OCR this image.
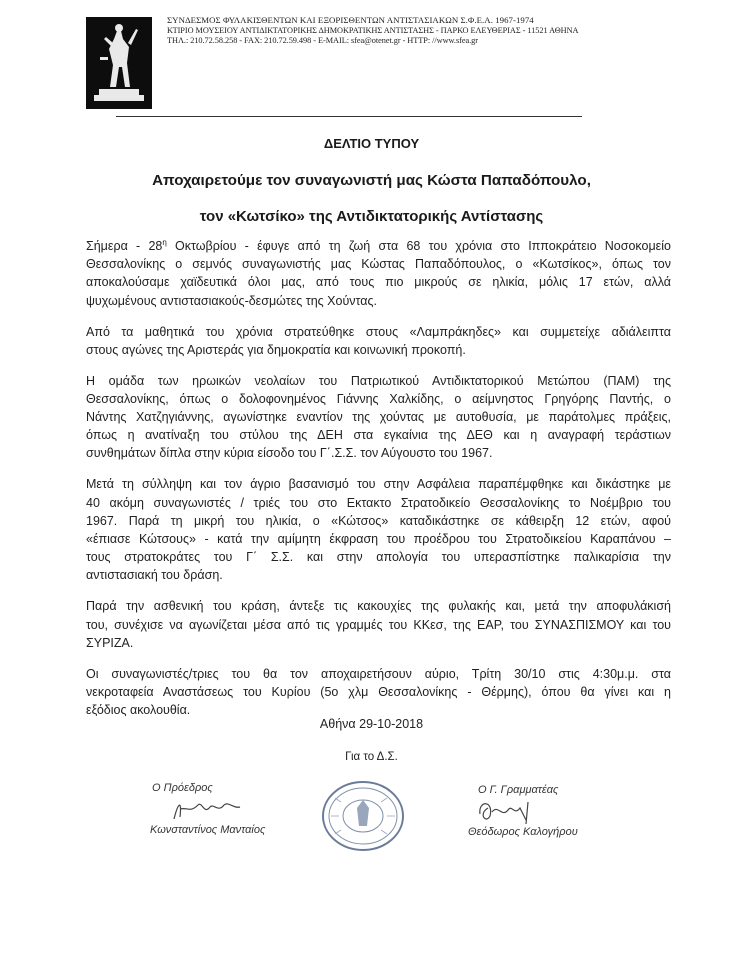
ΣΥΝΔΕΣΜΟΣ ΦΥΛΑΚΙΣΘΕΝΤΩΝ ΚΑΙ ΕΞΟΡΙΣΘΕΝΤΩΝ ΑΝΤΙΣΤΑΣΙΑΚΩΝ Σ.Φ.Ε.Α. 1967-1974
ΚΤΙΡΙΟ ΜΟΥΣΕΙΟΥ ΑΝΤΙΔΙΚΤΑΤΟΡΙΚΗΣ ΔΗΜΟΚΡΑΤΙΚΗΣ ΑΝΤΙΣΤΑΣΗΣ - ΠΑΡΚΟ ΕΛΕΥΘΕΡΙΑΣ - 11521 ΑΘΗΝΑ
ΤΗΛ.: 210.72.58.258 - FAX: 210.72.59.498 - E-MAIL: sfea@otenet.gr - HTTP: //www.sfea.gr
ΔΕΛΤΙΟ ΤΥΠΟΥ
Αποχαιρετούμε τον συναγωνιστή μας Κώστα Παπαδόπουλο,
τον «Κωτσίκο» της Αντιδικτατορικής Αντίστασης
Σήμερα - $28^\eta$ Οκτωβρίου - έφυγε από τη ζωή στα 68 του χρόνια στο Ιπποκράτειο Νοσοκομείο
Θεσσαλονίκης ο σεμνός συναγωνιστής μας Κώστας Παπαδόπουλος, ο «Κωτσίκος», όπως τον
αποκαλούσαμε χαϊδευτικά όλοι μας, από τους πιο μικρούς σε ηλικία, μόλις 17 ετών, αλλά
ψυχωμένους αντιστασιακούς-δεσμώτες της Χούντας.
Από τα μαθητικά του χρόνια στρατεύθηκε στους «Λαμπράκηδες» και συμμετείχε αδιάλειπτα
στους αγώνες της Αριστεράς για δημοκρατία και κοινωνική προκοπή.
Η ομάδα των ηρωικών νεολαίων του Πατριωτικού Αντιδικτατορικού Μετώπου (ΠΑΜ) της
Θεσσαλονίκης, όπως ο δολοφονημένος Γιάννης Χαλκίδης, ο αείμνηστος Γρηγόρης Παντής, ο
Νάντης Χατζηγιάννης, αγωνίστηκε εναντίον της χούντας με αυτοθυσία, με παράτολμες πράξεις,
όπως η ανατίναξη του στύλου της ΔΕΗ στα εγκαίνια της ΔΕΘ και η αναγραφή τεράστιων
συνθημάτων δίπλα στην κύρια είσοδο του Γ΄.Σ.Σ. τον Αύγουστο του 1967.
Μετά τη σύλληψη και τον άγριο βασανισμό του στην Ασφάλεια παραπέμφθηκε και δικάστηκε με
40 ακόμη συναγωνιστές / τριές του στο Εκτακτο Στρατοδικείο Θεσσαλονίκης το Νοέμβριο του
1967. Παρά τη μικρή του ηλικία, ο «Κώτσος» καταδικάστηκε σε κάθειρξη 12 ετών, αφού
«έπιασε Κώτσους» - κατά την αμίμητη έκφραση του προέδρου του Στρατοδικείου Καραπάνου –
τους στρατοκράτες του Γ΄ Σ.Σ. και στην απολογία του υπερασπίστηκε παλικαρίσια την
αντιστασιακή του δράση.
Παρά την ασθενική του κράση, άντεξε τις κακουχίες της φυλακής και, μετά την αποφυλάκισή
του, συνέχισε να αγωνίζεται μέσα από τις γραμμές του ΚΚεσ, της ΕΑΡ, του ΣΥΝΑΣΠΙΣΜΟΥ και του
ΣΥΡΙΖΑ.
Οι συναγωνιστές/τριες του θα τον αποχαιρετήσουν αύριο, Τρίτη 30/10 στις 4:30μ.μ. στα
νεκροταφεία Αναστάσεως του Κυρίου (5ο χλμ Θεσσαλονίκης - Θέρμης), όπου θα γίνει και η
εξόδιος ακολουθία.
Αθήνα 29-10-2018
Για το Δ.Σ.
Ο Πρόεδρος
Κωνσταντίνος Μανταίος
Ο Γ. Γραμματέας
Θεόδωρος Καλογήρου
